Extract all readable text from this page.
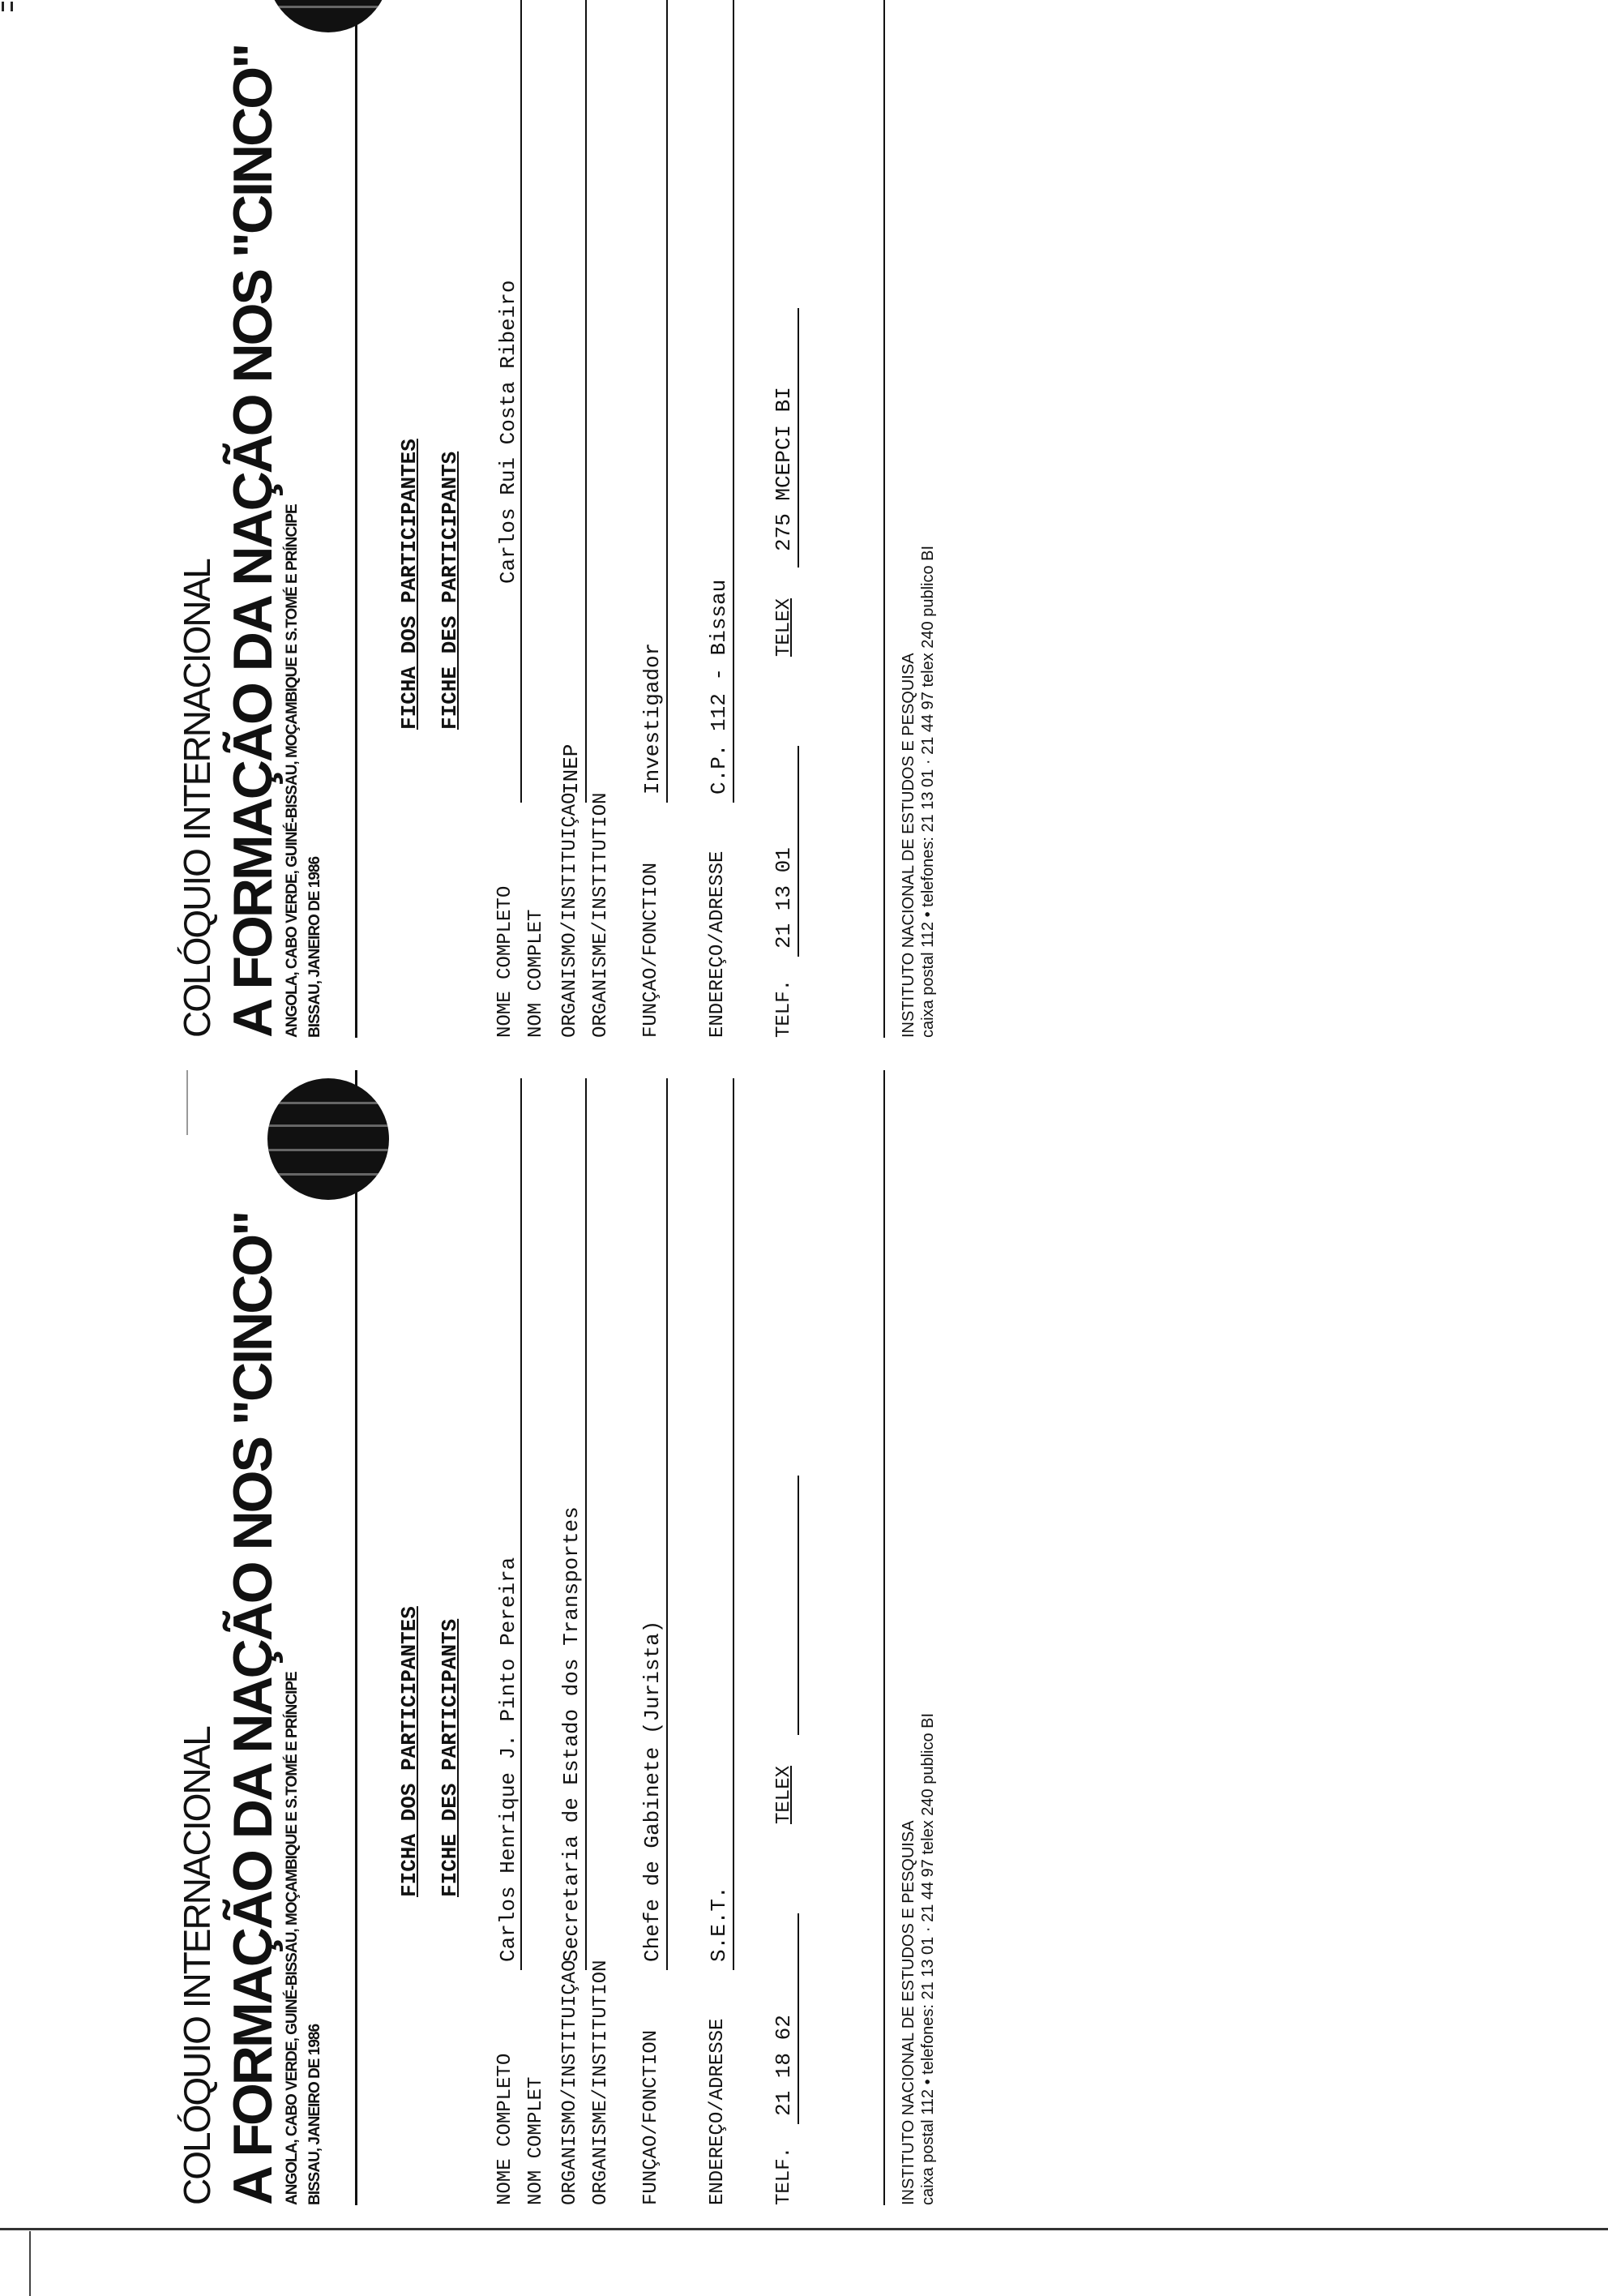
COLÓQUIO INTERNACIONAL A FORMAÇÃO DA NAÇÃO NOS "CINCO" ANGOLA, CABO VERDE, GUINÉ-BISSAU, MOÇAMBIQUE E S.TOMÉ E PRÍNCIPE BISSAU, JANEIRO DE 1986
FICHA DOS PARTICIPANTES FICHE DES PARTICIPANTS
NOME COMPLETO NOM COMPLET
Carlos Henrique J. Pinto Pereira
ORGANISMO/INSTITUIÇAO ORGANISME/INSTITUTION
Secretaria de Estado dos Transportes
FUNÇAO/FONCTION
Chefe de Gabinete (Jurista)
ENDEREÇO/ADRESSE
S.E.T.
TELF.
21 18 62
TELEX
INSTITUTO NACIONAL DE ESTUDOS E PESQUISA caixa postal 112 • telefones: 21 13 01 · 21 44 97 telex 240 publico BI
COLÓQUIO INTERNACIONAL A FORMAÇÃO DA NAÇÃO NOS "CINCO" ANGOLA, CABO VERDE, GUINÉ-BISSAU, MOÇAMBIQUE E S.TOMÉ E PRÍNCIPE BISSAU, JANEIRO DE 1986
FICHA DOS PARTICIPANTES FICHE DES PARTICIPANTS
NOME COMPLETO NOM COMPLET
Carlos Rui Costa Ribeiro
ORGANISMO/INSTITUIÇAO ORGANISME/INSTITUTION
INEP
FUNÇAO/FONCTION
Investigador
ENDEREÇO/ADRESSE
C.P. 112 - Bissau
TELF.
21 13 01
TELEX
275 MCEPCI BI
INSTITUTO NACIONAL DE ESTUDOS E PESQUISA caixa postal 112 • telefones: 21 13 01 · 21 44 97 telex 240 publico BI
